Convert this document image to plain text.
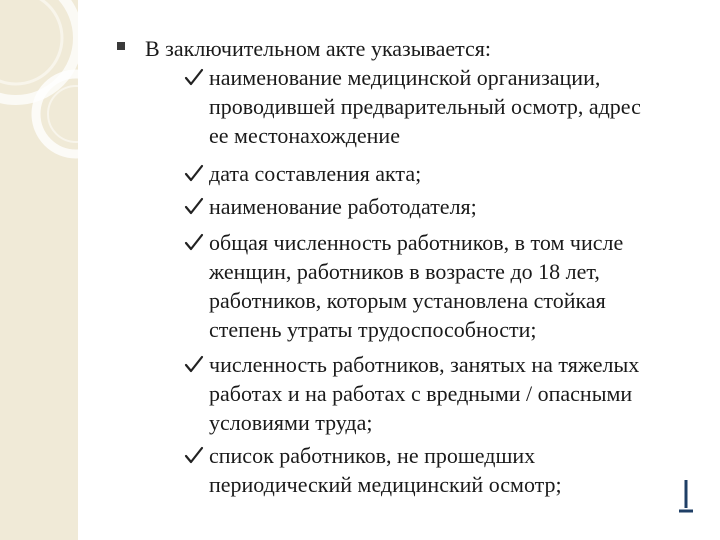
В заключительном акте указывается:
наименование медицинской организации,
проводившей предварительный осмотр, адрес
ее местонахождение
дата составления акта;
наименование работодателя;
общая численность работников, в том числе
женщин, работников в возрасте до 18 лет,
работников, которым установлена стойкая
степень утраты трудоспособности;
численность работников, занятых на тяжелых
работах и на работах с вредными / опасными
условиями труда;
список работников, не прошедших
периодический медицинский осмотр;
